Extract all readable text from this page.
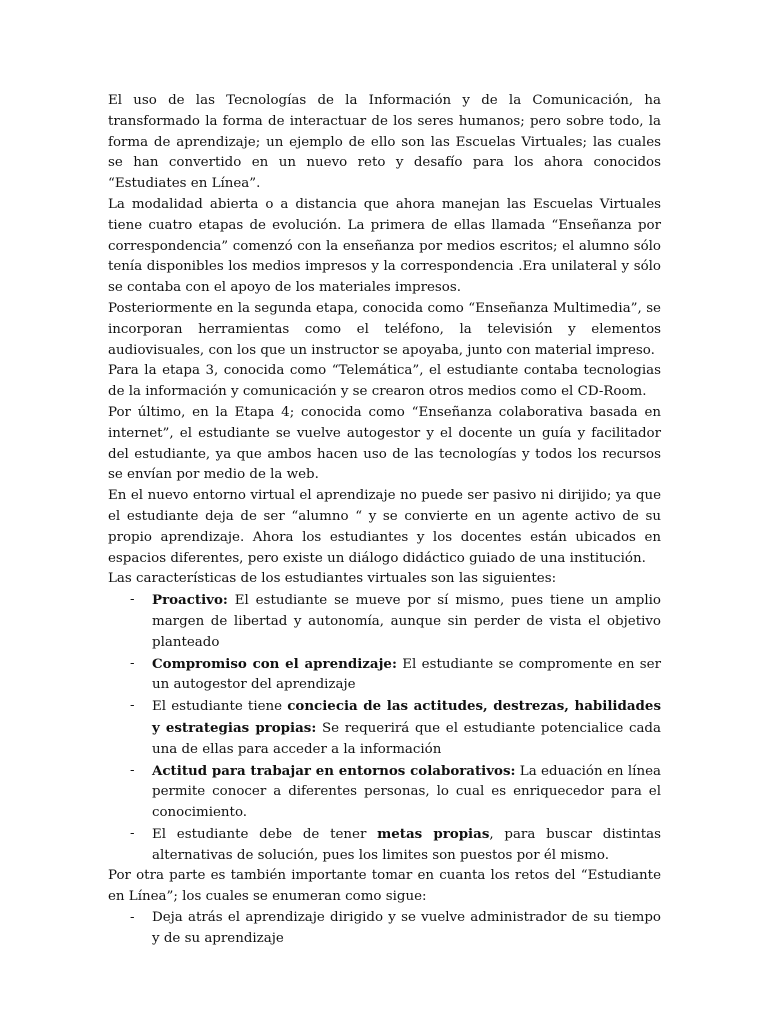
El uso de las Tecnologías de la Información y de la Comunicación, ha transformado la forma de interactuar de los seres humanos; pero sobre todo, la forma de aprendizaje; un ejemplo de ello son las Escuelas Virtuales; las cuales se han convertido en un nuevo reto y desafío para los ahora conocidos “Estudiates en Línea”.

La modalidad abierta o a distancia que ahora manejan las Escuelas Virtuales tiene cuatro etapas de evolución. La primera de ellas llamada “Enseñanza por correspondencia” comenzó con la enseñanza por medios escritos; el alumno sólo tenía disponibles los medios impresos y la correspondencia .Era unilateral y sólo se contaba con el apoyo de los materiales impresos.

Posteriormente en la segunda etapa, conocida como “Enseñanza Multimedia”, se incorporan herramientas como el teléfono, la televisión y elementos audiovisuales, con los que un instructor se apoyaba, junto con material impreso.

Para la etapa 3, conocida como “Telemática”, el estudiante contaba tecnologias de la información y comunicación y se crearon otros medios como el CD-Room.

Por último, en la Etapa 4; conocida como “Enseñanza colaborativa basada en internet”, el estudiante se vuelve autogestor y el docente un guía y facilitador del estudiante, ya que ambos hacen uso de las tecnologías y todos los recursos se envían por medio de la web.

En el nuevo entorno virtual el aprendizaje no puede ser pasivo ni dirijido; ya que el estudiante deja de ser “alumno “ y se convierte en un agente activo de su propio aprendizaje. Ahora los estudiantes y los docentes están ubicados en espacios diferentes, pero existe un diálogo didáctico guiado de una institución.

Las características de los estudiantes virtuales son las siguientes:

- Proactivo: El estudiante se mueve por sí mismo, pues tiene un amplio margen de libertad y autonomía, aunque sin perder de vista el objetivo planteado
- Compromiso con el aprendizaje: El estudiante se compromente en ser un autogestor del aprendizaje
- El estudiante tiene conciecia de las actitudes, destrezas, habilidades y estrategias propias: Se requerirá que el estudiante potencialice cada una de ellas para acceder a la información
- Actitud para trabajar en entornos colaborativos: La eduación en línea permite conocer a diferentes personas, lo cual es enriquecedor para el conocimiento.
- El estudiante debe de tener metas propias, para buscar distintas alternativas de solución, pues los limites son puestos por él mismo.

Por otra parte es también importante tomar en cuanta los retos del “Estudiante en Línea”; los cuales se enumeran como sigue:

- Deja atrás el aprendizaje dirigido y se vuelve administrador de su tiempo y de su aprendizaje
